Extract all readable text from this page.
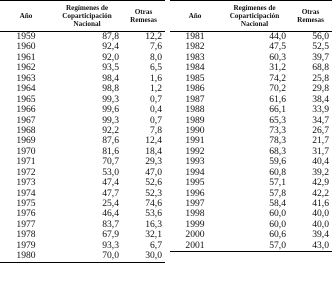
Año	Regímenes de Coparticipación Nacional	Otras Remesas
1959	87,8	12,2
1960	92,4	7,6
1961	92,0	8,0
1962	93,5	6,5
1963	98,4	1,6
1964	98,8	1,2
1965	99,3	0,7
1966	99,6	0,4
1967	99,3	0,7
1968	92,2	7,8
1969	87,6	12,4
1970	81,6	18,4
1971	70,7	29,3
1972	53,0	47,0
1973	47,4	52,6
1974	47,7	52,3
1975	25,4	74,6
1976	46,4	53,6
1977	83,7	16,3
1978	67,9	32,1
1979	93,3	6,7
1980	70,0	30,0
Año	Regímenes de Coparticipación Nacional	Otras Remesas
1981	44,0	56,0
1982	47,5	52,5
1983	60,3	39,7
1984	31,2	68,8
1985	74,2	25,8
1986	70,2	29,8
1987	61,6	38,4
1988	66,1	33,9
1989	65,3	34,7
1990	73,3	26,7
1991	78,3	21,7
1992	68,3	31,7
1993	59,6	40,4
1994	60,8	39,2
1995	57,1	42,9
1996	57,8	42,2
1997	58,4	41,6
1998	60,0	40,0
1999	60,0	40,0
2000	60,6	39,4
2001	57,0	43,0
